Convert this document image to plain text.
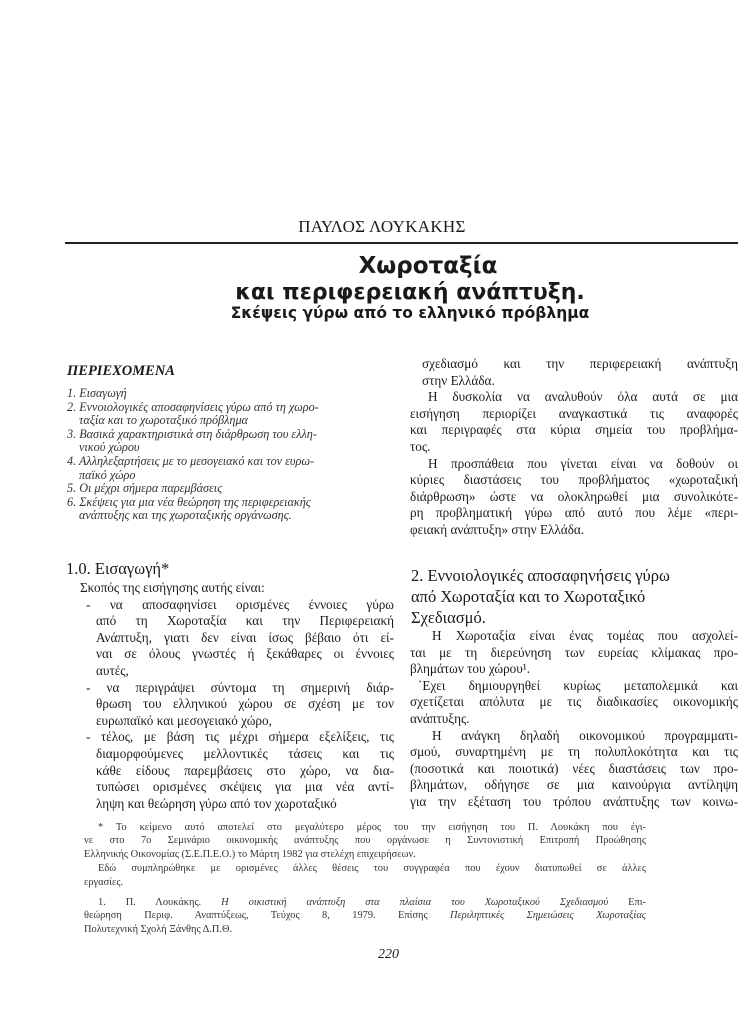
ΠΑΥΛΟΣ ΛΟΥΚΑΚΗΣ
Χωροταξία
και περιφερειακή ανάπτυξη.
Σκέψεις γύρω από το ελληνικό πρόβλημα
ΠΕΡΙΕΧΟΜΕΝΑ
1. Εισαγωγή
2. Εννοιολογικές αποσαφηνίσεις γύρω από τη χωρο-
ταξία και το χωροταξικό πρόβλημα
3. Βασικά χαρακτηριστικά στη διάρθρωση του ελλη-
νικού χώρου
4. Αλληλεξαρτήσεις με το μεσογειακό και τον ευρω-
παϊκό χώρο
5. Οι μέχρι σήμερα παρεμβάσεις
6. Σκέψεις για μια νέα θεώρηση της περιφερειακής
ανάπτυξης και της χωροταξικής οργάνωσης.
1.0. Εισαγωγή*
Σκοπός της εισήγησης αυτής είναι:
- να αποσαφηνίσει ορισμένες έννοιες γύρω
από τη Χωροταξία και την Περιφερειακή
Ανάπτυξη, γιατι δεν είναι ίσως βέβαιο ότι εί-
ναι σε όλους γνωστές ή ξεκάθαρες οι έννοιες
αυτές,
- να περιγράψει σύντομα τη σημερινή διάρ-
θρωση του ελληνικού χώρου σε σχέση με τον
ευρωπαϊκό και μεσογειακό χώρο,
- τέλος, με βάση τις μέχρι σήμερα εξελίξεις, τις
διαμορφούμενες μελλοντικές τάσεις και τις
κάθε είδους παρεμβάσεις στο χώρο, να δια-
τυπώσει ορισμένες σκέψεις για μια νέα αντί-
ληψη και θεώρηση γύρω από τον χωροταξικό
σχεδιασμό και την περιφερειακή ανάπτυξη
στην Ελλάδα.
Η δυσκολία να αναλυθούν όλα αυτά σε μια
εισήγηση περιορίζει αναγκαστικά τις αναφορές
και περιγραφές στα κύρια σημεία του προβλήμα-
τος.
Η προσπάθεια που γίνεται είναι να δοθούν οι
κύριες διαστάσεις του προβλήματος «χωροταξική
διάρθρωση» ώστε να ολοκληρωθεί μια συνολικότε-
ρη προβληματική γύρω από αυτό που λέμε «περι-
φειακή ανάπτυξη» στην Ελλάδα.
2. Εννοιολογικές αποσαφηνήσεις γύρω
από Χωροταξία και το Χωροταξικό
Σχεδιασμό.
Η Χωροταξία είναι ένας τομέας που ασχολεί-
ται με τη διερεύνηση των ευρείας κλίμακας προ-
βλημάτων του χώρου¹.
῾Εχει δημιουργηθεί κυρίως μεταπολεμικά και
σχετίζεται απόλυτα με τις διαδικασίες οικονομικής
ανάπτυξης.
Η ανάγκη δηλαδή οικονομικού προγραμματι-
σμού, συναρτημένη με τη πολυπλοκότητα και τις
(ποσοτικά και ποιοτικά) νέες διαστάσεις των προ-
βλημάτων, οδήγησε σε μια καινούργια αντίληψη
για την εξέταση του τρόπου ανάπτυξης των κοινω-
* Το κείμενο αυτό αποτελεί στο μεγαλύτερο μέρος του την εισήγηση του Π. Λουκάκη που έγι-
νε στο 7ο Σεμινάριο οικονομικής ανάπτυξης που οργάνωσε η Συντονιστική Επιτροπή Προώθησης
Ελληνικής Οικονομίας (Σ.Ε.Π.Ε.Ο.) το Μάρτη 1982 για στελέχη επιχειρήσεων.
Εδώ συμπληρώθηκε με ορισμένες άλλες θέσεις του συγγραφέα που έχουν διατυπωθεί σε άλλες
εργασίες.
1. Π. Λουκάκης. Η οικιστική ανάπτυξη στα πλαίσια του Χωροταξικού Σχεδιασμού Επι-
θεώρηση Περιφ. Αναπτύξεως, Τεύχος 8, 1979. Επίσης Περιληπτικές Σημειώσεις Χωροταξίας
Πολυτεχνική Σχολή Ξάνθης Δ.Π.Θ.
220
